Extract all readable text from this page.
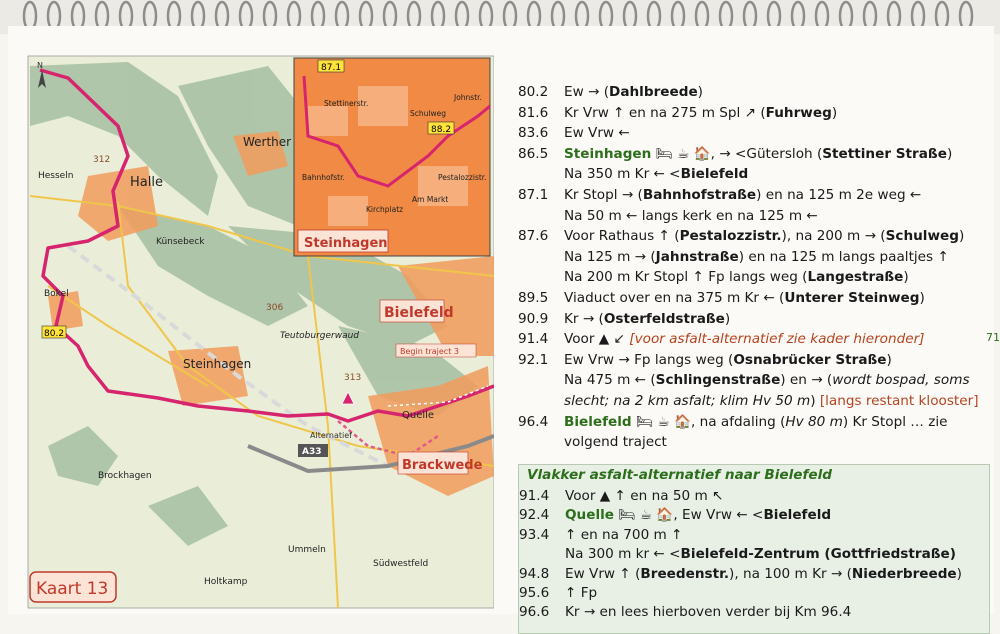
N
Hesseln	Halle
Werther
Künsebeck
Bokel
Steinhagen
Quelle
Brockhagen
Ummeln
Holtkamp
Südwestfeld
Teutoburgerwaud
Bielefeld
Brackwede
312
306
313
80.2
A33
Alternatief
Begin traject 3
87.1
88.2
Stettinerstr.
Schulweg
Johnstr.
Bahnhofstr.	Pestalozzistr.
Am Markt
Kirchplatz
Steinhagen
Kaart 13
80.2 Ew → (Dahlbreede)
81.6 Kr Vrw ↑ en na 275 m Spl ↗ (Fuhrweg)
83.6 Ew Vrw ←
86.5 Steinhagen 🛏 ☕ 🏠, → <Gütersloh (Stettiner Straße)
Na 350 m Kr ← <Bielefeld
87.1 Kr Stopl → (Bahnhofstraße) en na 125 m 2e weg ←
Na 50 m ← langs kerk en na 125 m ←
87.6 Voor Rathaus ↑ (Pestalozzistr.), na 200 m → (Schulweg)
Na 125 m → (Jahnstraße) en na 125 m langs paaltjes ↑
Na 200 m Kr Stopl ↑ Fp langs weg (Langestraße)
89.5 Viaduct over en na 375 m Kr ← (Unterer Steinweg)
90.9 Kr → (Osterfeldstraße)
91.4 Voor ▲ ↙ [voor asfalt-alternatief zie kader hieronder]
92.1 Ew Vrw → Fp langs weg (Osnabrücker Straße)
Na 475 m ← (Schlingenstraße) en → (wordt bospad, soms
slecht; na 2 km asfalt; klim Hv 50 m) [langs restant klooster]
96.4 Bielefeld 🛏 ☕ 🏠, na afdaling (Hv 80 m) Kr Stopl … zie
volgend traject
71
Vlakker asfalt-alternatief naar Bielefeld
91.4 Voor ▲ ↑ en na 50 m ↖
92.4 Quelle 🛏 ☕ 🏠, Ew Vrw ← <Bielefeld
93.4 ↑ en na 700 m ↑
Na 300 m kr ← <Bielefeld-Zentrum (Gottfriedstraße)
94.8 Ew Vrw ↑ (Breedenstr.), na 100 m Kr → (Niederbreede)
95.6 ↑ Fp
96.6 Kr → en lees hierboven verder bij Km 96.4
